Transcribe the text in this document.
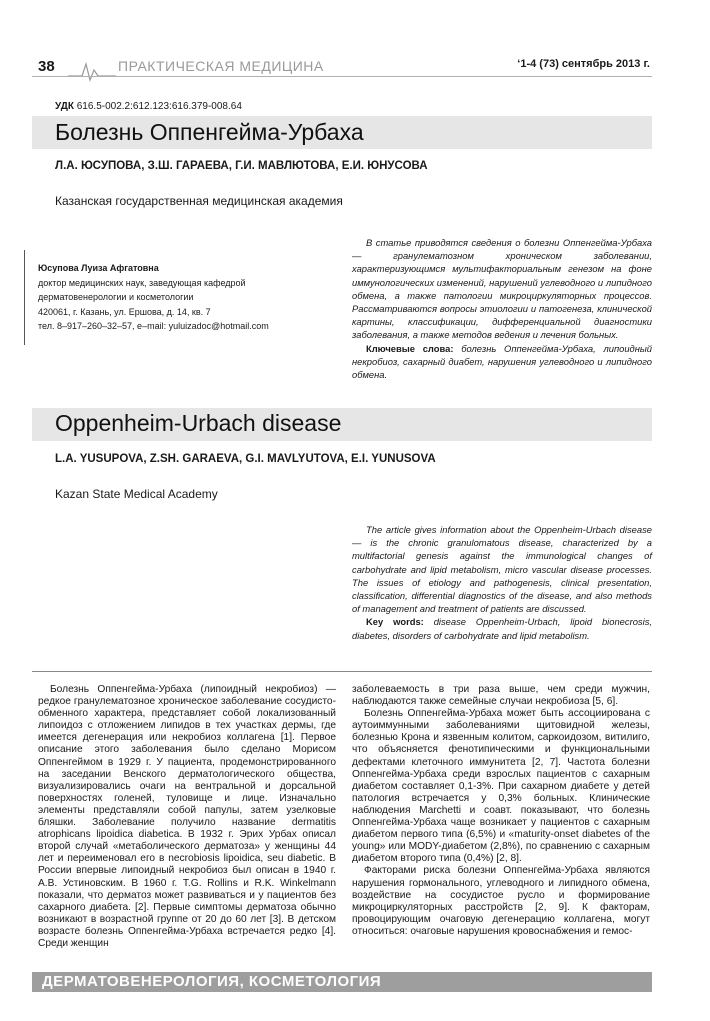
38	ПРАКТИЧЕСКАЯ МЕДИЦИНА	‘1-4 (73) сентябрь 2013 г.
УДК 616.5-002.2:612.123:616.379-008.64
Болезнь Оппенгейма-Урбаха
Л.А. ЮСУПОВА, З.Ш. ГАРАЕВА, Г.И. МАВЛЮТОВА, Е.И. ЮНУСОВА
Казанская государственная медицинская академия
Юсупова Луиза Афгатовна
доктор медицинских наук, заведующая кафедрой
дерматовенерологии и косметологии
420061, г. Казань, ул. Ершова, д. 14, кв. 7
тел. 8–917–260–32–57, e–mail: yuluizadoc@hotmail.com

В статье приводятся сведения о болезни Оппенгейма-Урбаха — гранулематозном хроническом заболевании, характеризующимся мультифакториальным генезом на фоне иммунологических изменений, нарушений углеводного и липидного обмена, а также патологии микроциркуляторных процессов. Рассматриваются вопросы этиологии и патогенеза, клинической картины, классификации, дифференциальной диагностики заболевания, а также методов ведения и лечения больных.

Ключевые слова: болезнь Оппенгейма-Урбаха, липоидный некробиоз, сахарный диабет, нарушения углеводного и липидного обмена.

Oppenheim-Urbach disease
L.A. YUSUPOVA, Z.SH. GARAEVA, G.I. MAVLYUTOVA, E.I. YUNUSOVA
Kazan State Medical Academy

The article gives information about the Oppenheim-Urbach disease — is the chronic granulomatous disease, characterized by a multifactorial genesis against the immunological changes of carbohydrate and lipid metabolism, micro vascular disease processes. The issues of etiology and pathogenesis, clinical presentation, classification, differential diagnostics of the disease, and also methods of management and treatment of patients are discussed.

Key words: disease Oppenheim-Urbach, lipoid bionecrosis, diabetes, disorders of carbohydrate and lipid metabolism.

Болезнь Оппенгейма-Урбаха (липоидный некробиоз) — редкое гранулематозное хроническое заболевание сосудисто-обменного характера, представляет собой локализованный липоидоз с отложением липидов в тех участках дермы, где имеется дегенерация или некробиоз коллагена [1]. Первое описание этого заболевания было сделано Морисом Оппенгеймом в 1929 г. У пациента, продемонстрированного на заседании Венского дерматологического общества, визуализировались очаги на вентральной и дорсальной поверхностях голеней, туловище и лице. Изначально элементы представляли собой папулы, затем узелковые бляшки. Заболевание получило название dermatitis atrophicans lipoidica diabetica. В 1932 г. Эрих Урбах описал второй случай «метаболического дерматоза» у женщины 44 лет и переименовал его в necrobiosis lipoidica, seu diabetic. В России впервые липоидный некробиоз был описан в 1940 г. А.В. Устиновским. В 1960 г. T.G. Rollins и R.K. Winkelmann показали, что дерматоз может развиваться и у пациентов без сахарного диабета. [2]. Первые симптомы дерматоза обычно возникают в возрастной группе от 20 до 60 лет [3]. В детском возрасте болезнь Оппенгейма-Урбаха встречается редко [4]. Среди женщин

заболеваемость в три раза выше, чем среди мужчин, наблюдаются также семейные случаи некробиоза [5, 6].

Болезнь Оппенгейма-Урбаха может быть ассоциирована с аутоиммунными заболеваниями щитовидной железы, болезнью Крона и язвенным колитом, саркоидозом, витилиго, что объясняется фенотипическими и функциональными дефектами клеточного иммунитета [2, 7]. Частота болезни Оппенгейма-Урбаха среди взрослых пациентов с сахарным диабетом составляет 0,1-3%. При сахарном диабете у детей патология встречается у 0,3% больных. Клинические наблюдения Marchetti и соавт. показывают, что болезнь Оппенгейма-Урбаха чаще возникает у пациентов с сахарным диабетом первого типа (6,5%) и «maturity-onset diabetes of the young» или MODY-диабетом (2,8%), по сравнению с сахарным диабетом второго типа (0,4%) [2, 8].

Факторами риска болезни Оппенгейма-Урбаха являются нарушения гормонального, углеводного и липидного обмена, воздействие на сосудистое русло и формирование микроциркуляторных расстройств [2, 9]. К факторам, провоцирующим очаговую дегенерацию коллагена, могут относиться: очаговые нарушения кровоснабжения и гемос-

ДЕРМАТОВЕНЕРОЛОГИЯ, КОСМЕТОЛОГИЯ
